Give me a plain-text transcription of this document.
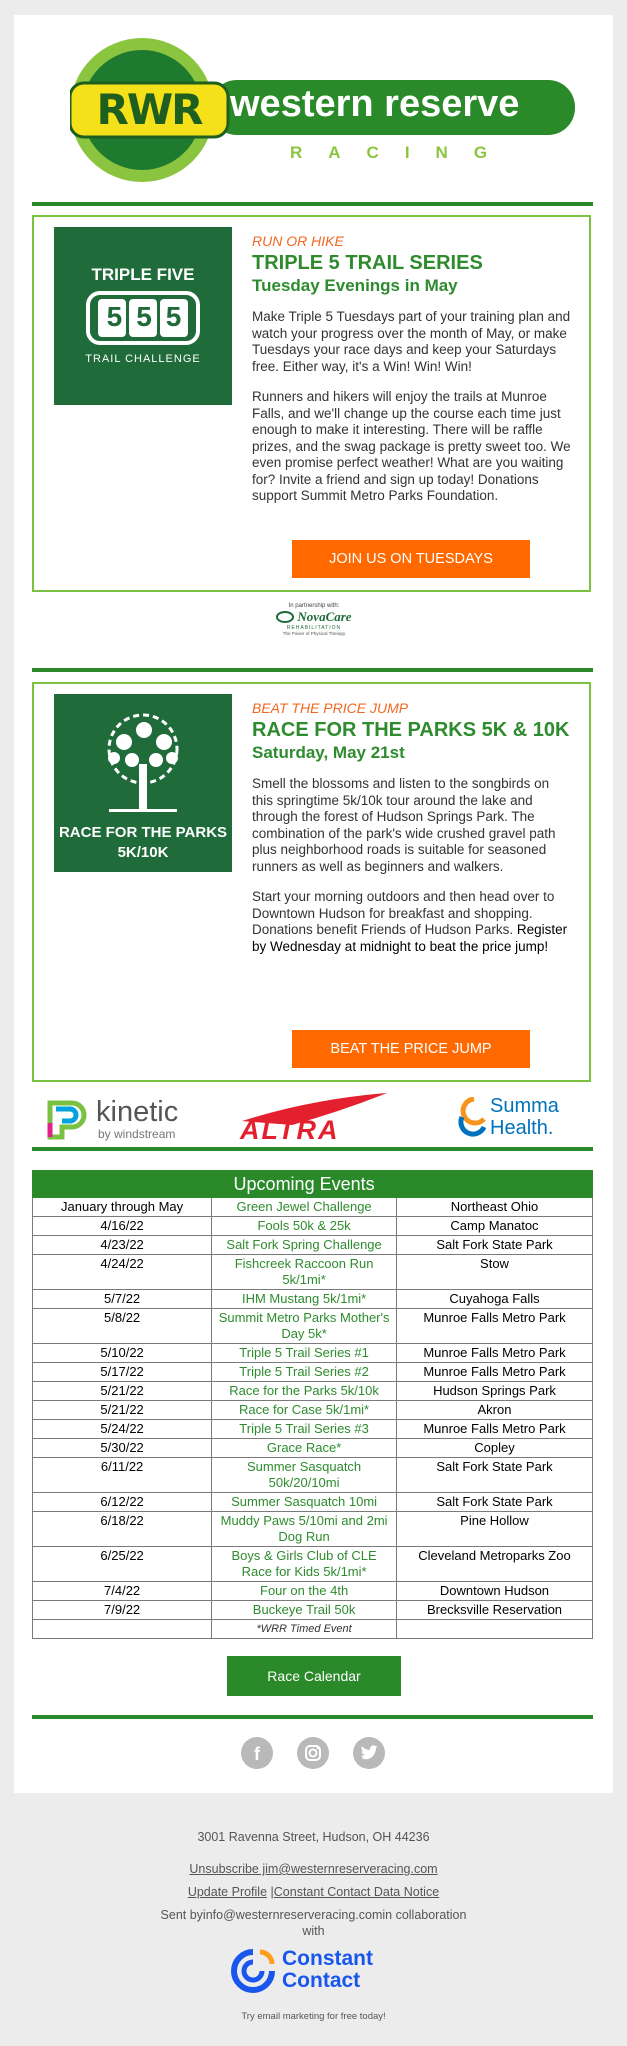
RWR western reserve
RACING
TRIPLE FIVE
555
TRAIL CHALLENGE

RUN OR HIKE

TRIPLE 5 TRAIL SERIES

Tuesday Evenings in May

Make Triple 5 Tuesdays part of your training plan and watch your progress over the month of May, or make Tuesdays your race days and keep your Saturdays free. Either way, it's a Win! Win! Win!

Runners and hikers will enjoy the trails at Munroe Falls, and we'll change up the course each time just enough to make it interesting. There will be raffle prizes, and the swag package is pretty sweet too. We even promise perfect weather! What are you waiting for? Invite a friend and sign up today! Donations support Summit Metro Parks Foundation.

JOIN US ON TUESDAYS
In partnership with:
NovaCare
REHABILITATION
The Power of Physical Therapy
RACE FOR THE PARKS
5K/10K

BEAT THE PRICE JUMP

RACE FOR THE PARKS 5K & 10K

Saturday, May 21st

Smell the blossoms and listen to the songbirds on this springtime 5k/10k tour around the lake and through the forest of Hudson Springs Park. The combination of the park's wide crushed gravel path plus neighborhood roads is suitable for seasoned runners as well as beginners and walkers.

Start your morning outdoors and then head over to Downtown Hudson for breakfast and shopping. Donations benefit Friends of Hudson Parks. Register by Wednesday at midnight to beat the price jump!

BEAT THE PRICE JUMP
kinetic
by windstream ALTRA
Summa
Health.
	Upcoming Events	
January through May	Green Jewel Challenge	Northeast Ohio
4/16/22	Fools 50k & 25k	Camp Manatoc
4/23/22	Salt Fork Spring Challenge	Salt Fork State Park
4/24/22	Fishcreek Raccoon Run 5k/1mi*	Stow
5/7/22	IHM Mustang 5k/1mi*	Cuyahoga Falls
5/8/22	Summit Metro Parks Mother's Day 5k*	Munroe Falls Metro Park
5/10/22	Triple 5 Trail Series #1	Munroe Falls Metro Park
5/17/22	Triple 5 Trail Series #2	Munroe Falls Metro Park
5/21/22	Race for the Parks 5k/10k	Hudson Springs Park
5/21/22	Race for Case 5k/1mi*	Akron
5/24/22	Triple 5 Trail Series #3	Munroe Falls Metro Park
5/30/22	Grace Race*	Copley
6/11/22	Summer Sasquatch 50k/20/10mi	Salt Fork State Park
6/12/22	Summer Sasquatch 10mi	Salt Fork State Park
6/18/22	Muddy Paws 5/10mi and 2mi Dog Run	Pine Hollow
6/25/22	Boys & Girls Club of CLE Race for Kids 5k/1mi*	Cleveland Metroparks Zoo
7/4/22	Four on the 4th	Downtown Hudson
7/9/22	Buckeye Trail 50k	Brecksville Reservation
	*WRR Timed Event	
Race Calendar
f
3001 Ravenna Street, Hudson, OH 44236
Unsubscribe jim@westernreserveracing.com
Update Profile |Constant Contact Data Notice
Sent byinfo@westernreserveracing.comin collaboration
with
Constant
Contact
Try email marketing for free today!
